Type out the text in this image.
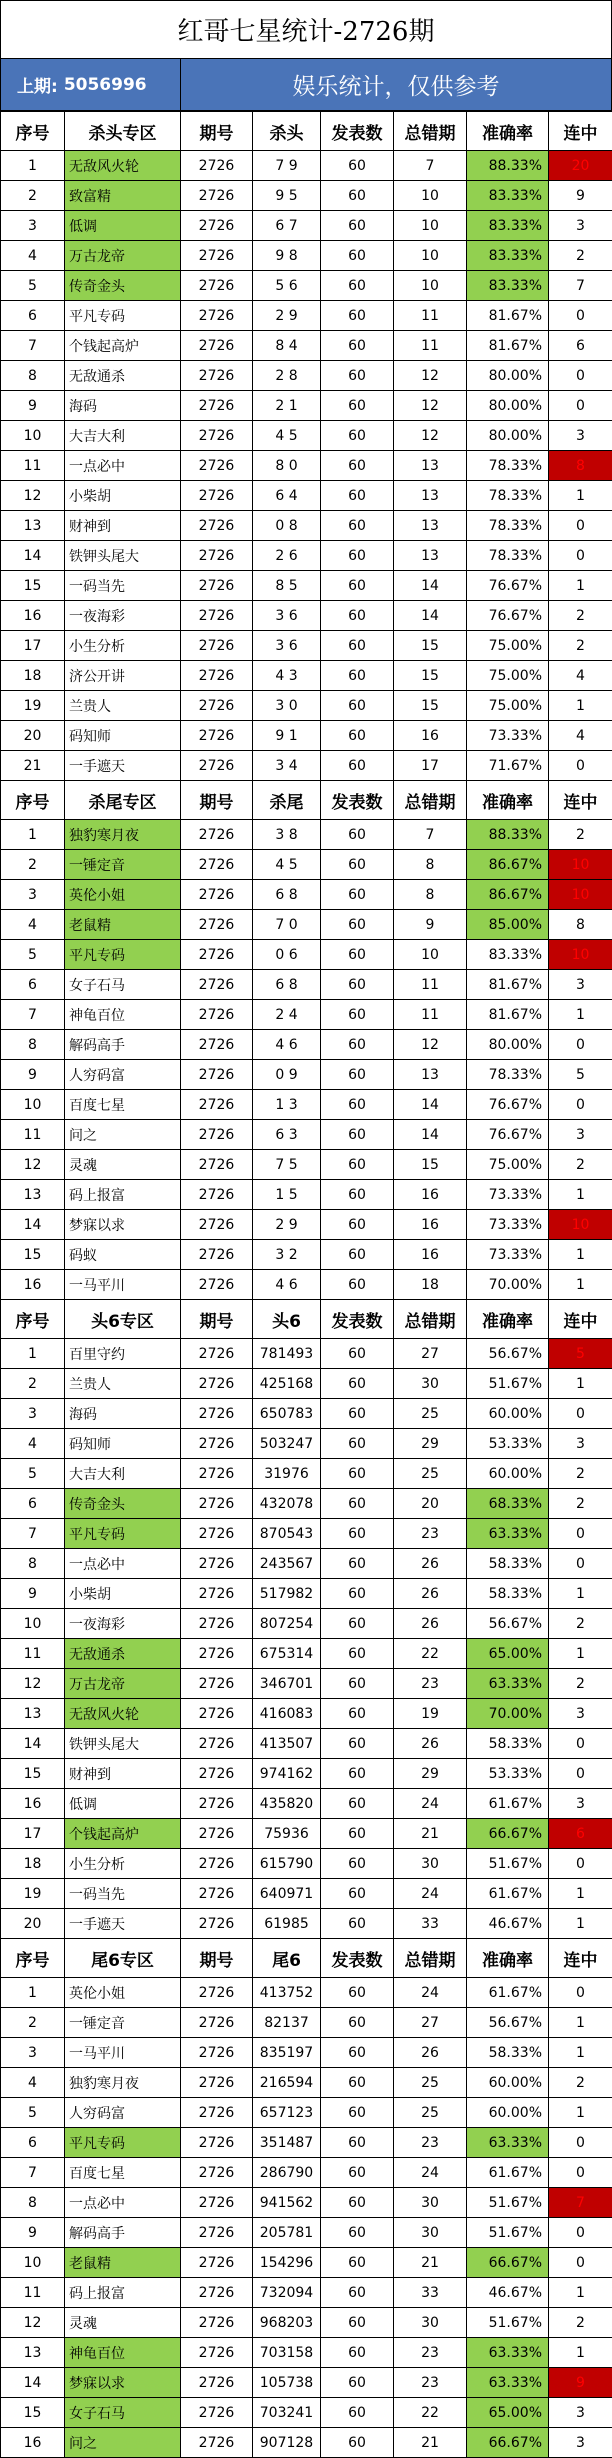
红哥七星统计-2726期
上期: 5056996	娱乐统计，仅供参考
序号	杀头专区	期号	杀头	发表数	总错期	准确率	连中
1	无敌风火轮	2726	7 9	60	7	88.33%	20
2	致富精	2726	9 5	60	10	83.33%	9
3	低调	2726	6 7	60	10	83.33%	3
4	万古龙帝	2726	9 8	60	10	83.33%	2
5	传奇金头	2726	5 6	60	10	83.33%	7
6	平凡专码	2726	2 9	60	11	81.67%	0
7	个钱起高炉	2726	8 4	60	11	81.67%	6
8	无敌通杀	2726	2 8	60	12	80.00%	0
9	海码	2726	2 1	60	12	80.00%	0
10	大吉大利	2726	4 5	60	12	80.00%	3
11	一点必中	2726	8 0	60	13	78.33%	8
12	小柴胡	2726	6 4	60	13	78.33%	1
13	财神到	2726	0 8	60	13	78.33%	0
14	铁钾头尾大	2726	2 6	60	13	78.33%	0
15	一码当先	2726	8 5	60	14	76.67%	1
16	一夜海彩	2726	3 6	60	14	76.67%	2
17	小生分析	2726	3 6	60	15	75.00%	2
18	济公开讲	2726	4 3	60	15	75.00%	4
19	兰贵人	2726	3 0	60	15	75.00%	1
20	码知师	2726	9 1	60	16	73.33%	4
21	一手遮天	2726	3 4	60	17	71.67%	0
序号	杀尾专区	期号	杀尾	发表数	总错期	准确率	连中
1	独豹寒月夜	2726	3 8	60	7	88.33%	2
2	一锤定音	2726	4 5	60	8	86.67%	10
3	英伦小姐	2726	6 8	60	8	86.67%	10
4	老鼠精	2726	7 0	60	9	85.00%	8
5	平凡专码	2726	0 6	60	10	83.33%	10
6	女子石马	2726	6 8	60	11	81.67%	3
7	神龟百位	2726	2 4	60	11	81.67%	1
8	解码高手	2726	4 6	60	12	80.00%	0
9	人穷码富	2726	0 9	60	13	78.33%	5
10	百度七星	2726	1 3	60	14	76.67%	0
11	问之	2726	6 3	60	14	76.67%	3
12	灵魂	2726	7 5	60	15	75.00%	2
13	码上报富	2726	1 5	60	16	73.33%	1
14	梦寐以求	2726	2 9	60	16	73.33%	10
15	码蚁	2726	3 2	60	16	73.33%	1
16	一马平川	2726	4 6	60	18	70.00%	1
序号	头6专区	期号	头6	发表数	总错期	准确率	连中
1	百里守约	2726	781493	60	27	56.67%	5
2	兰贵人	2726	425168	60	30	51.67%	1
3	海码	2726	650783	60	25	60.00%	0
4	码知师	2726	503247	60	29	53.33%	3
5	大吉大利	2726	31976	60	25	60.00%	2
6	传奇金头	2726	432078	60	20	68.33%	2
7	平凡专码	2726	870543	60	23	63.33%	0
8	一点必中	2726	243567	60	26	58.33%	0
9	小柴胡	2726	517982	60	26	58.33%	1
10	一夜海彩	2726	807254	60	26	56.67%	2
11	无敌通杀	2726	675314	60	22	65.00%	1
12	万古龙帝	2726	346701	60	23	63.33%	2
13	无敌风火轮	2726	416083	60	19	70.00%	3
14	铁钾头尾大	2726	413507	60	26	58.33%	0
15	财神到	2726	974162	60	29	53.33%	0
16	低调	2726	435820	60	24	61.67%	3
17	个钱起高炉	2726	75936	60	21	66.67%	6
18	小生分析	2726	615790	60	30	51.67%	0
19	一码当先	2726	640971	60	24	61.67%	1
20	一手遮天	2726	61985	60	33	46.67%	1
序号	尾6专区	期号	尾6	发表数	总错期	准确率	连中
1	英伦小姐	2726	413752	60	24	61.67%	0
2	一锤定音	2726	82137	60	27	56.67%	1
3	一马平川	2726	835197	60	26	58.33%	1
4	独豹寒月夜	2726	216594	60	25	60.00%	2
5	人穷码富	2726	657123	60	25	60.00%	1
6	平凡专码	2726	351487	60	23	63.33%	0
7	百度七星	2726	286790	60	24	61.67%	0
8	一点必中	2726	941562	60	30	51.67%	7
9	解码高手	2726	205781	60	30	51.67%	0
10	老鼠精	2726	154296	60	21	66.67%	0
11	码上报富	2726	732094	60	33	46.67%	1
12	灵魂	2726	968203	60	30	51.67%	2
13	神龟百位	2726	703158	60	23	63.33%	1
14	梦寐以求	2726	105738	60	23	63.33%	9
15	女子石马	2726	703241	60	22	65.00%	3
16	问之	2726	907128	60	21	66.67%	3
